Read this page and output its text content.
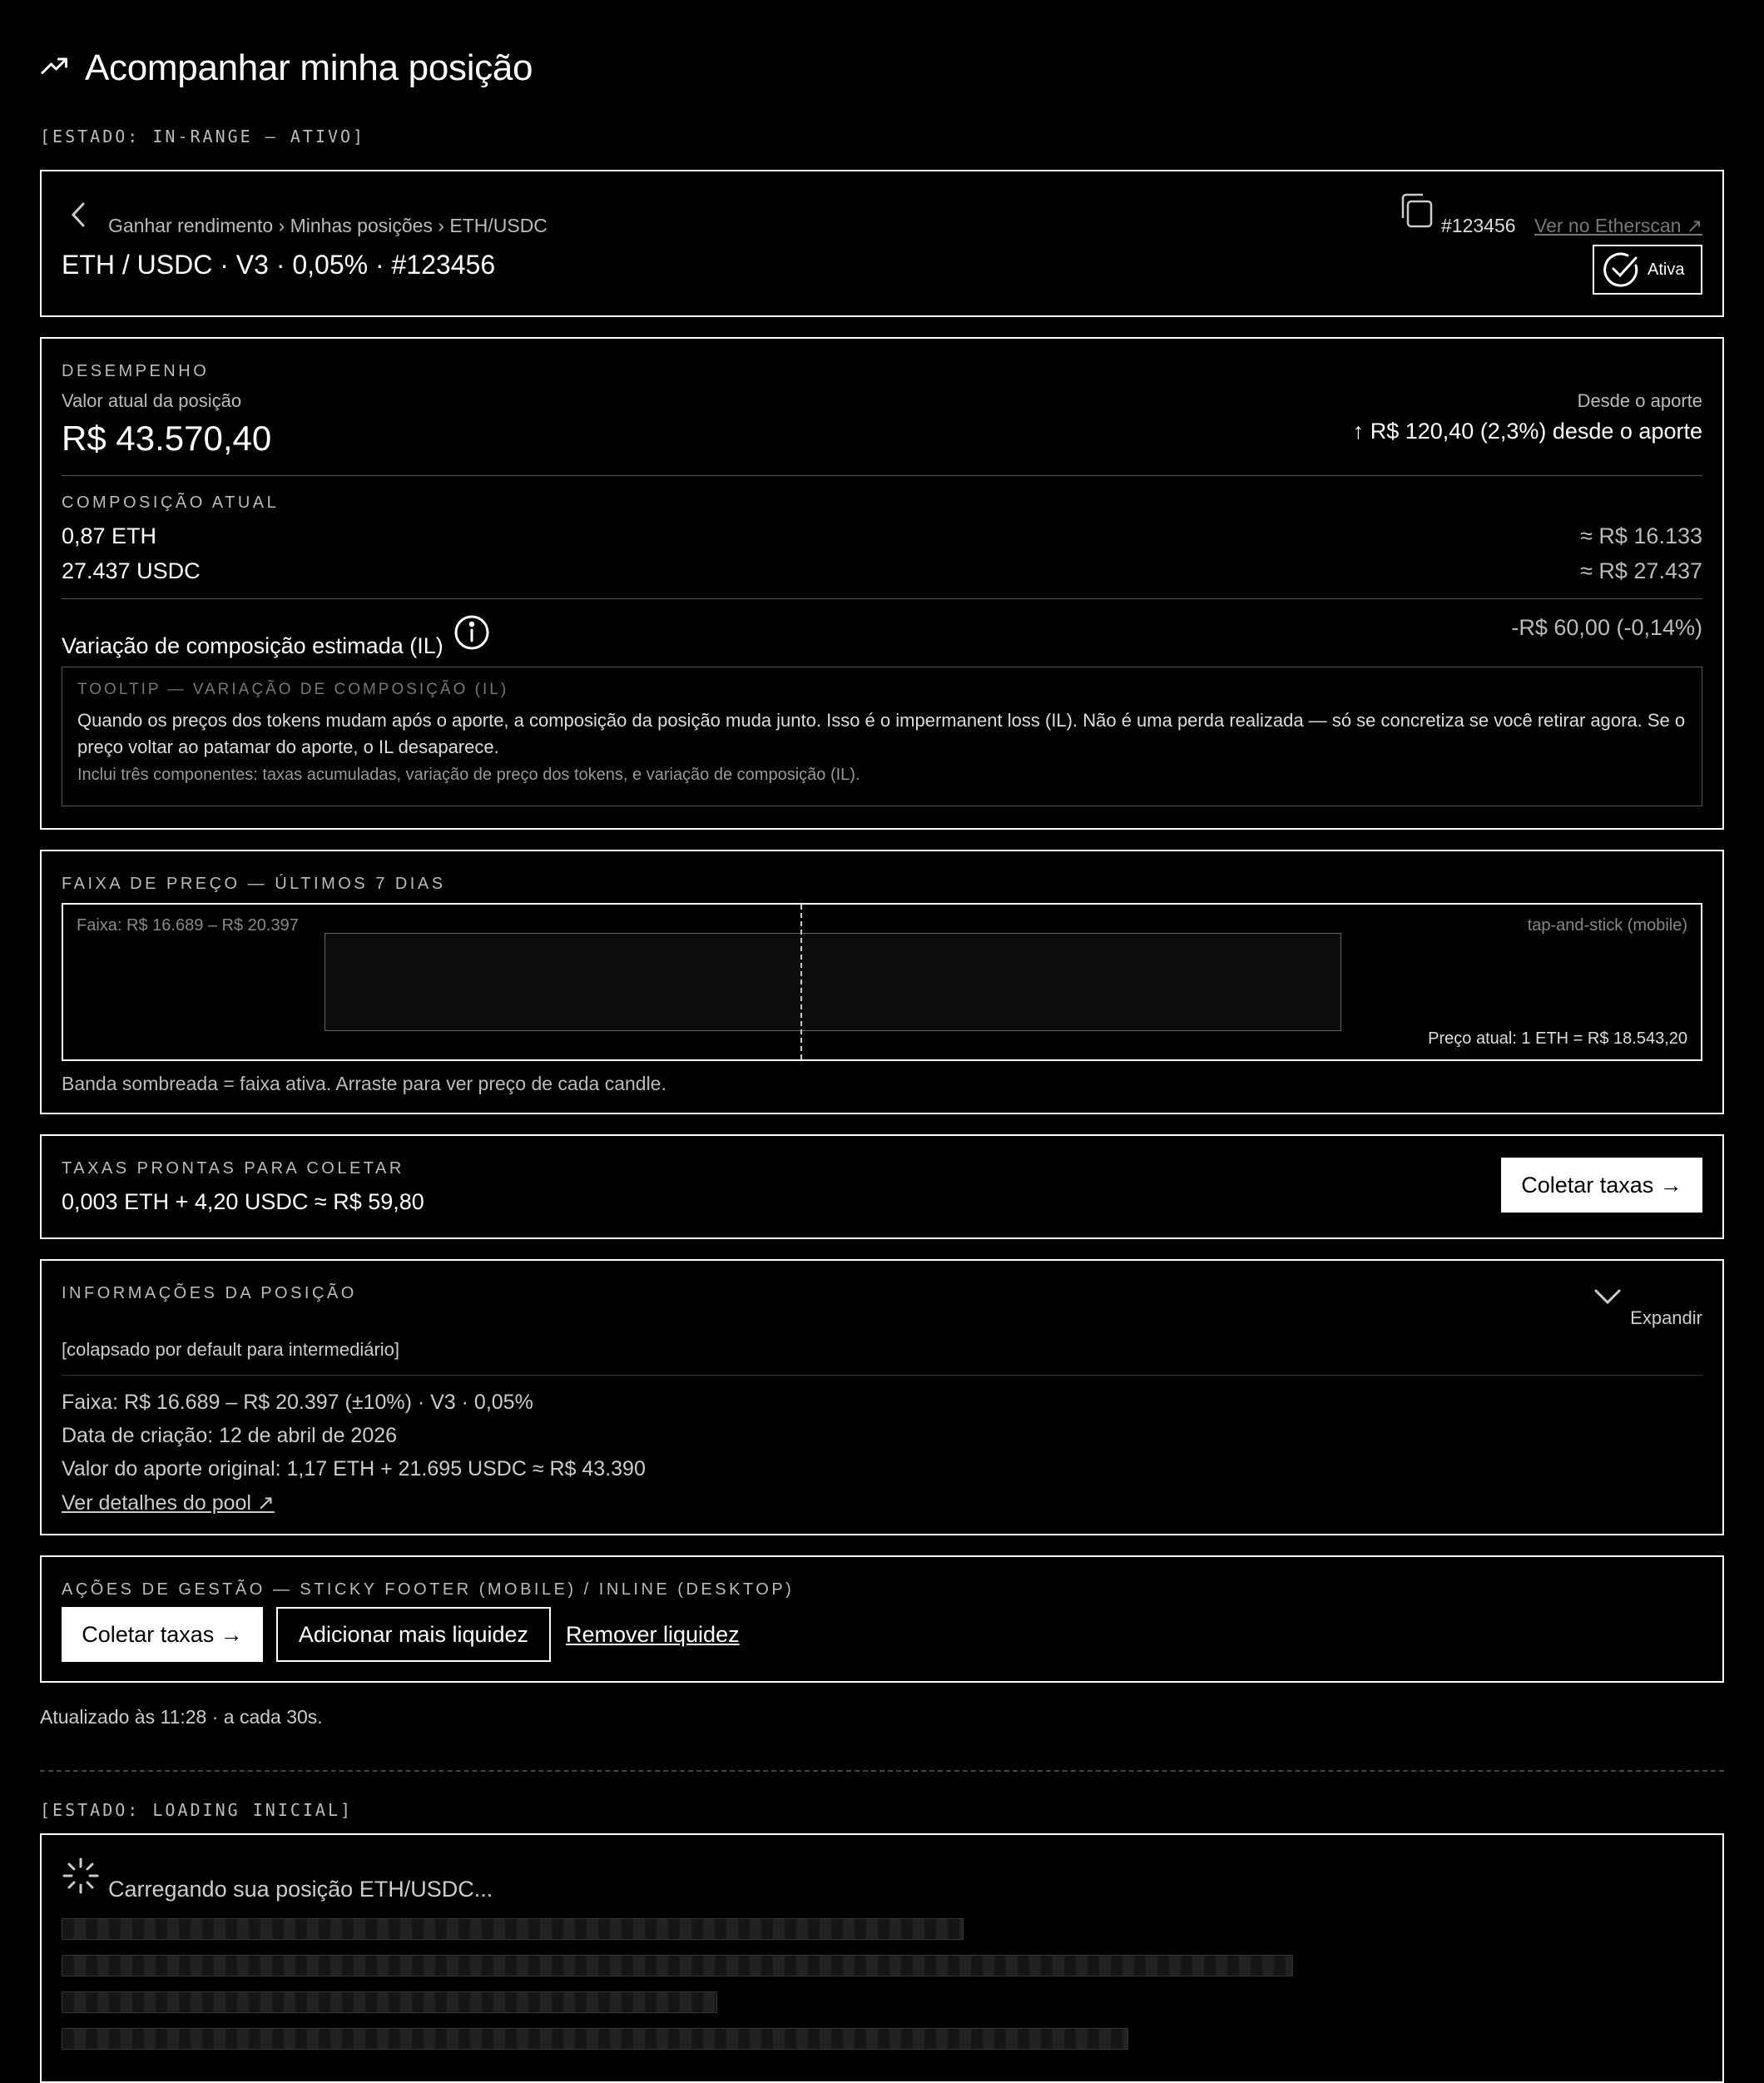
Acompanhar minha posição
[ESTADO: IN-RANGE — ATIVO]
Ganhar rendimento › Minhas posições › ETH/USDC
ETH / USDC · V3 · 0,05% · #123456
#123456 Ver no Etherscan ↗
Ativa
DESEMPENHO
Valor atual da posição
R$ 43.570,40
Desde o aporte
↑ R$ 120,40 (2,3%) desde o aporte
COMPOSIÇÃO ATUAL
0,87 ETH	≈ R$ 16.133
27.437 USDC	≈ R$ 27.437
Variação de composição estimada (IL)
-R$ 60,00 (-0,14%)
TOOLTIP — VARIAÇÃO DE COMPOSIÇÃO (IL)
Quando os preços dos tokens mudam após o aporte, a composição da posição muda junto. Isso é o impermanent loss (IL). Não é uma perda realizada — só se concretiza se você retirar agora. Se o preço voltar ao patamar do aporte, o IL desaparece.
Inclui três componentes: taxas acumuladas, variação de preço dos tokens, e variação de composição (IL).
FAIXA DE PREÇO — ÚLTIMOS 7 DIAS
Faixa: R$ 16.689 – R$ 20.397	tap-and-stick (mobile)
Preço atual: 1 ETH = R$ 18.543,20
Banda sombreada = faixa ativa. Arraste para ver preço de cada candle.
TAXAS PRONTAS PARA COLETAR
0,003 ETH + 4,20 USDC ≈ R$ 59,80
Coletar taxas →
INFORMAÇÕES DA POSIÇÃO
Expandir
[colapsado por default para intermediário]
Faixa: R$ 16.689 – R$ 20.397 (±10%) · V3 · 0,05%
Data de criação: 12 de abril de 2026
Valor do aporte original: 1,17 ETH + 21.695 USDC ≈ R$ 43.390
Ver detalhes do pool ↗
AÇÕES DE GESTÃO — STICKY FOOTER (MOBILE) / INLINE (DESKTOP)
Coletar taxas →	Adicionar mais liquidez	Remover liquidez
Atualizado às 11:28 · a cada 30s.
[ESTADO: LOADING INICIAL]
Carregando sua posição ETH/USDC...
